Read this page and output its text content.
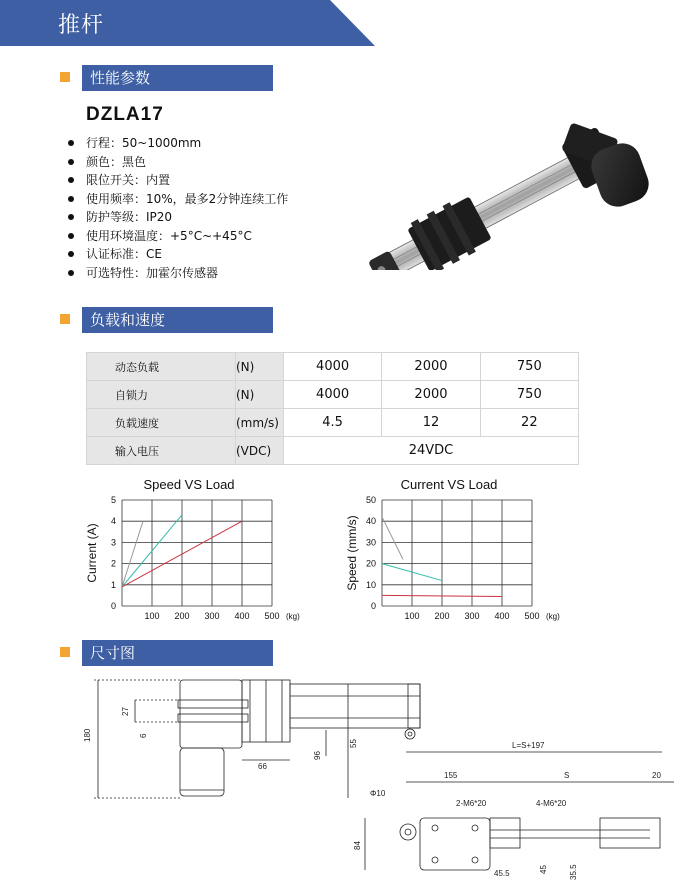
推杆
性能参数
DZLA17
行程：50~1000mm
颜色：黑色
限位开关：内置
使用频率：10%，最多2分钟连续工作
防护等级：IP20
使用环境温度：+5°C~+45°C
认证标准：CE
可选特性：加霍尔传感器
负载和速度
动态负载	(N)	4000	2000	750
自锁力	(N)	4000	2000	750
负载速度	(mm/s)	4.5	12	22
输入电压	(VDC)	24VDC		
Speed VS Load
0
1
2
3
4
5
100 200 300 400 500 (kg)
Current (A)
Current VS Load
0
10
20
30
40
50
100 200 300 400 500 (kg)
Speed (mm/s)
尺寸图
180
27
6
96
55
66
L=S+197
155	S	20
Φ10
2-M6*20	4-M6*20
84
45.5	45	35.5
